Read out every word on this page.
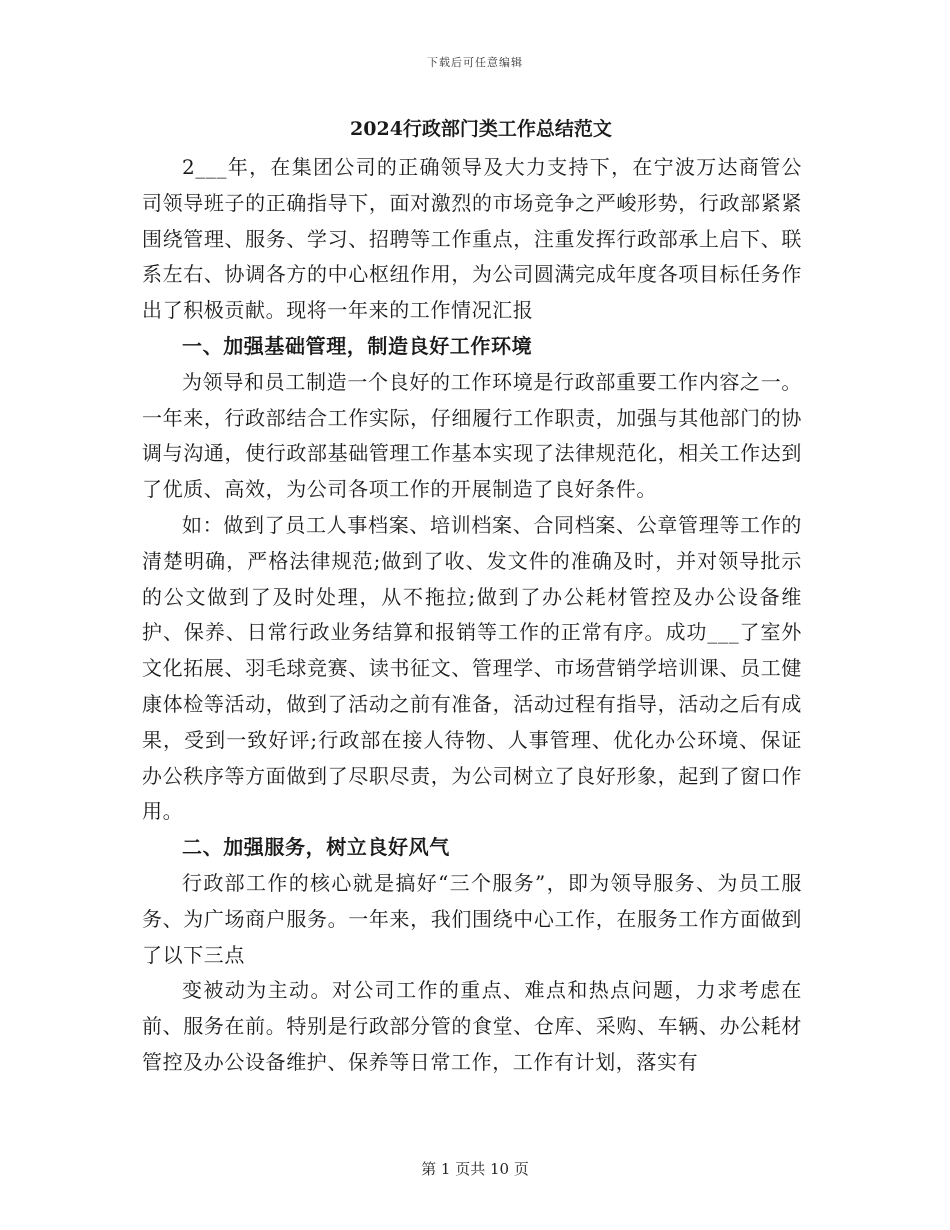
下载后可任意编辑
2024行政部门类工作总结范文

2___年，在集团公司的正确领导及大力支持下，在宁波万达商管公司领导班子的正确指导下，面对激烈的市场竞争之严峻形势，行政部紧紧围绕管理、服务、学习、招聘等工作重点，注重发挥行政部承上启下、联系左右、协调各方的中心枢纽作用，为公司圆满完成年度各项目标任务作出了积极贡献。现将一年来的工作情况汇报

一、加强基础管理，制造良好工作环境

为领导和员工制造一个良好的工作环境是行政部重要工作内容之一。一年来，行政部结合工作实际，仔细履行工作职责，加强与其他部门的协调与沟通，使行政部基础管理工作基本实现了法律规范化，相关工作达到了优质、高效，为公司各项工作的开展制造了良好条件。

如：做到了员工人事档案、培训档案、合同档案、公章管理等工作的清楚明确，严格法律规范;做到了收、发文件的准确及时，并对领导批示的公文做到了及时处理，从不拖拉;做到了办公耗材管控及办公设备维护、保养、日常行政业务结算和报销等工作的正常有序。成功___了室外文化拓展、羽毛球竞赛、读书征文、管理学、市场营销学培训课、员工健康体检等活动，做到了活动之前有准备，活动过程有指导，活动之后有成果，受到一致好评;行政部在接人待物、人事管理、优化办公环境、保证办公秩序等方面做到了尽职尽责，为公司树立了良好形象，起到了窗口作用。

二、加强服务，树立良好风气

行政部工作的核心就是搞好“三个服务”，即为领导服务、为员工服务、为广场商户服务。一年来，我们围绕中心工作，在服务工作方面做到了以下三点

变被动为主动。对公司工作的重点、难点和热点问题，力求考虑在前、服务在前。特别是行政部分管的食堂、仓库、采购、车辆、办公耗材管控及办公设备维护、保养等日常工作，工作有计划，落实有

第 1 页共 10 页
